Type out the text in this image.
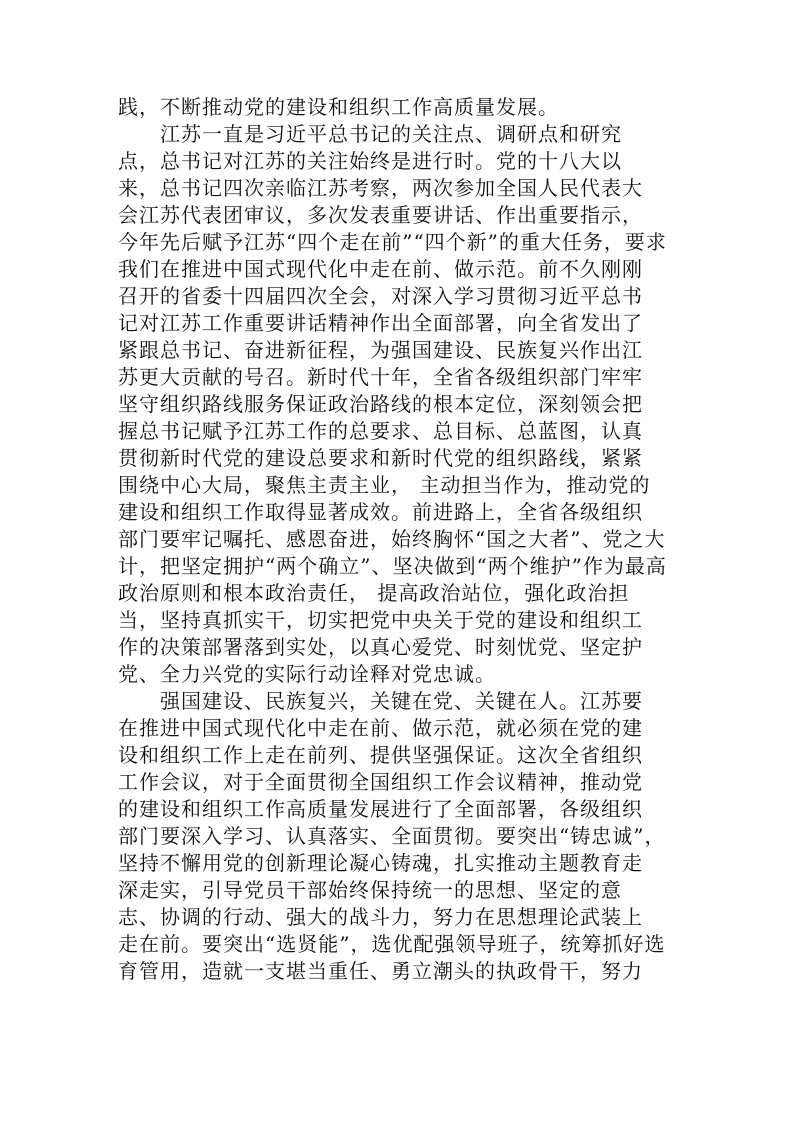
践，不断推动党的建设和组织工作高质量发展。
江苏一直是习近平总书记的关注点、调研点和研究
点，总书记对江苏的关注始终是进行时。党的十八大以
来，总书记四次亲临江苏考察，两次参加全国人民代表大
会江苏代表团审议，多次发表重要讲话、作出重要指示，
今年先后赋予江苏“四个走在前”“四个新”的重大任务，要求
我们在推进中国式现代化中走在前、做示范。前不久刚刚
召开的省委十四届四次全会，对深入学习贯彻习近平总书
记对江苏工作重要讲话精神作出全面部署，向全省发出了
紧跟总书记、奋进新征程，为强国建设、民族复兴作出江
苏更大贡献的号召。新时代十年，全省各级组织部门牢牢
坚守组织路线服务保证政治路线的根本定位，深刻领会把
握总书记赋予江苏工作的总要求、总目标、总蓝图，认真
贯彻新时代党的建设总要求和新时代党的组织路线，紧紧
围绕中心大局，聚焦主责主业， 主动担当作为，推动党的
建设和组织工作取得显著成效。前进路上，全省各级组织
部门要牢记嘱托、感恩奋进，始终胸怀“国之大者”、党之大
计，把坚定拥护“两个确立”、坚决做到“两个维护”作为最高
政治原则和根本政治责任， 提高政治站位，强化政治担
当，坚持真抓实干，切实把党中央关于党的建设和组织工
作的决策部署落到实处，以真心爱党、时刻忧党、坚定护
党、全力兴党的实际行动诠释对党忠诚。
强国建设、民族复兴，关键在党、关键在人。江苏要
在推进中国式现代化中走在前、做示范，就必须在党的建
设和组织工作上走在前列、提供坚强保证。这次全省组织
工作会议，对于全面贯彻全国组织工作会议精神，推动党
的建设和组织工作高质量发展进行了全面部署，各级组织
部门要深入学习、认真落实、全面贯彻。要突出“铸忠诚”，
坚持不懈用党的创新理论凝心铸魂，扎实推动主题教育走
深走实，引导党员干部始终保持统一的思想、坚定的意
志、协调的行动、强大的战斗力，努力在思想理论武装上
走在前。要突出“选贤能”，选优配强领导班子，统筹抓好选
育管用，造就一支堪当重任、勇立潮头的执政骨干，努力
